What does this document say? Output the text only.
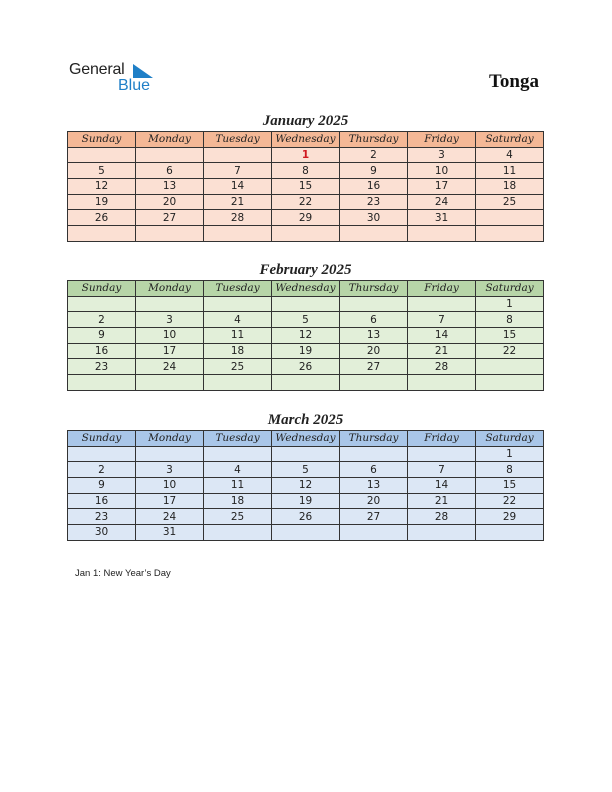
General
Blue	Tonga
January 2025
Sunday	Monday	Tuesday	Wednesday	Thursday	Friday	Saturday
			1	2	3	4
5	6	7	8	9	10	11
12	13	14	15	16	17	18
19	20	21	22	23	24	25
26	27	28	29	30	31	

February 2025
Sunday	Monday	Tuesday	Wednesday	Thursday	Friday	Saturday
						1
2	3	4	5	6	7	8
9	10	11	12	13	14	15
16	17	18	19	20	21	22
23	24	25	26	27	28	

March 2025
Sunday	Monday	Tuesday	Wednesday	Thursday	Friday	Saturday
						1
2	3	4	5	6	7	8
9	10	11	12	13	14	15
16	17	18	19	20	21	22
23	24	25	26	27	28	29
30	31					
Jan 1: New Year’s Day
